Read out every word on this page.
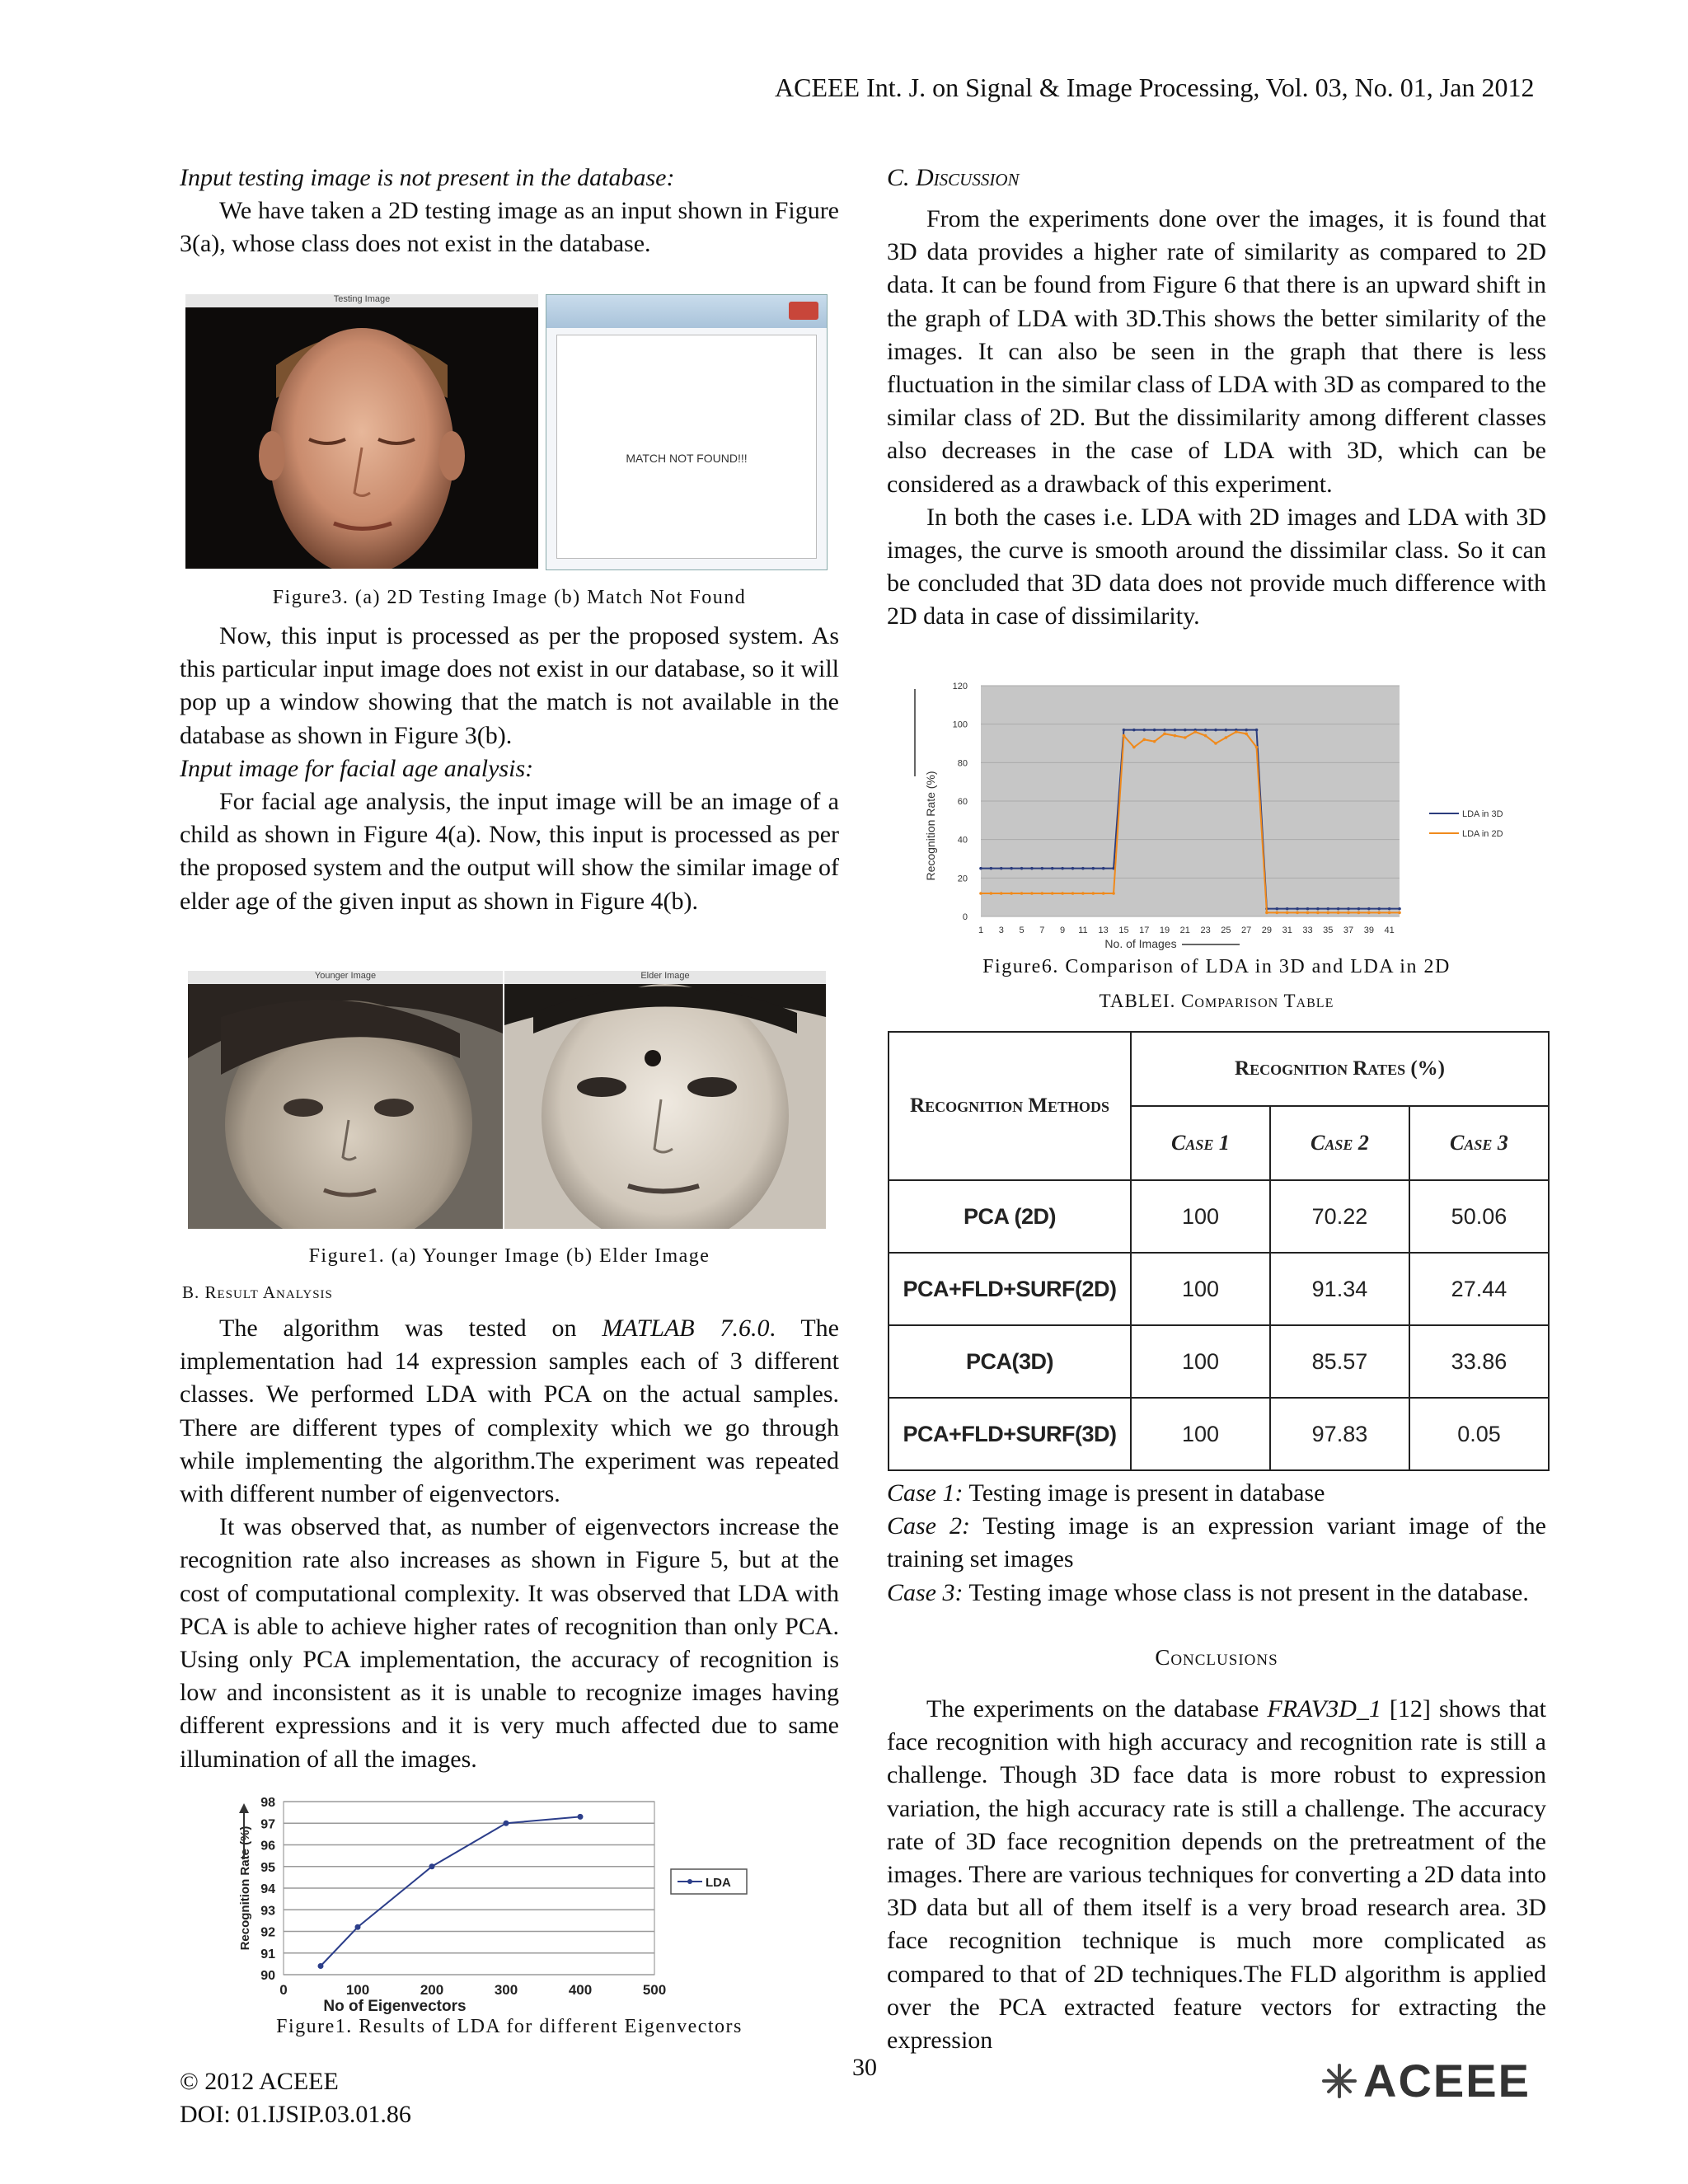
ACEEE Int. J. on Signal & Image Processing, Vol. 03, No. 01, Jan 2012

Input testing image is not present in the database:

We have taken a 2D testing image as an input shown in Figure 3(a), whose class does not exist in the database.

Testing Image
MATCH NOT FOUND!!!
Figure3. (a) 2D Testing Image (b) Match Not Found

Now, this input is processed as per the proposed system. As this particular input image does not exist in our database, so it will pop up a window showing that the match is not available in the database as shown in Figure 3(b).

Input image for facial age analysis:

For facial age analysis, the input image will be an image of a child as shown in Figure 4(a). Now, this input is processed as per the proposed system and the output will show the similar image of elder age of the given input as shown in Figure 4(b).

Younger Image	Elder Image
Figure1. (a) Younger Image (b) Elder Image
B. Result Analysis

The algorithm was tested on MATLAB 7.6.0. The implementation had 14 expression samples each of 3 different classes. We performed LDA with PCA on the actual samples. There are different types of complexity which we go through while implementing the algorithm.The experiment was repeated with different number of eigenvectors.

It was observed that, as number of eigenvectors increase the recognition rate also increases as shown in Figure 5, but at the cost of computational complexity. It was observed that LDA with PCA is able to achieve higher rates of recognition than only PCA. Using only PCA implementation, the accuracy of recognition is low and inconsistent as it is unable to recognize images having different expressions and it is very much affected due to same illumination of all the images.

90
91
92
93
94
95
96
97
98
0	100	200	300	400	500
No of Eigenvectors
Recognition Rate (%)	LDA
Figure1. Results of LDA for different Eigenvectors
C. Discussion

From the experiments done over the images, it is found that 3D data provides a higher rate of similarity as compared to 2D data. It can be found from Figure 6 that there is an upward shift in the graph of LDA with 3D.This shows the better similarity of the images. It can also be seen in the graph that there is less fluctuation in the similar class of LDA with 3D as compared to the similar class of 2D. But the dissimilarity among different classes also decreases in the case of LDA with 3D, which can be considered as a drawback of this experiment.

In both the cases i.e. LDA with 2D images and LDA with 3D images, the curve is smooth around the dissimilar class. So it can be concluded that 3D data does not provide much difference with 2D data in case of dissimilarity.

0
20
40
60
80
100
120
1 3 5 7 9 11 13 15 17 19 21 23 25 27 29 31 33 35 37 39 41
No. of Images
Recognition Rate (%)	LDA in 3D
LDA in 2D
Figure6. Comparison of LDA in 3D and LDA in 2D
TABLEI. Comparison Table
Recognition Methods	Recognition Rates (%)		
	Case 1	Case 2	Case 3
PCA (2D)	100	70.22	50.06
PCA+FLD+SURF(2D)	100	91.34	27.44
PCA(3D)	100	85.57	33.86
PCA+FLD+SURF(3D)	100	97.83	0.05

Case 1: Testing image is present in database

Case 2: Testing image is an expression variant image of the training set images

Case 3: Testing image whose class is not present in the database.

Conclusions

The experiments on the database FRAV3D_1 [12] shows that face recognition with high accuracy and recognition rate is still a challenge. Though 3D face data is more robust to expression variation, the high accuracy rate is still a challenge. The accuracy rate of 3D face recognition depends on the pretreatment of the images. There are various techniques for converting a 2D data into 3D data but all of them itself is a very broad research area. 3D face recognition technique is much more complicated as compared to that of 2D techniques.The FLD algorithm is applied over the PCA extracted feature vectors for extracting the expression

30
© 2012 ACEEE
DOI: 01.IJSIP.03.01.86
ACEEE
